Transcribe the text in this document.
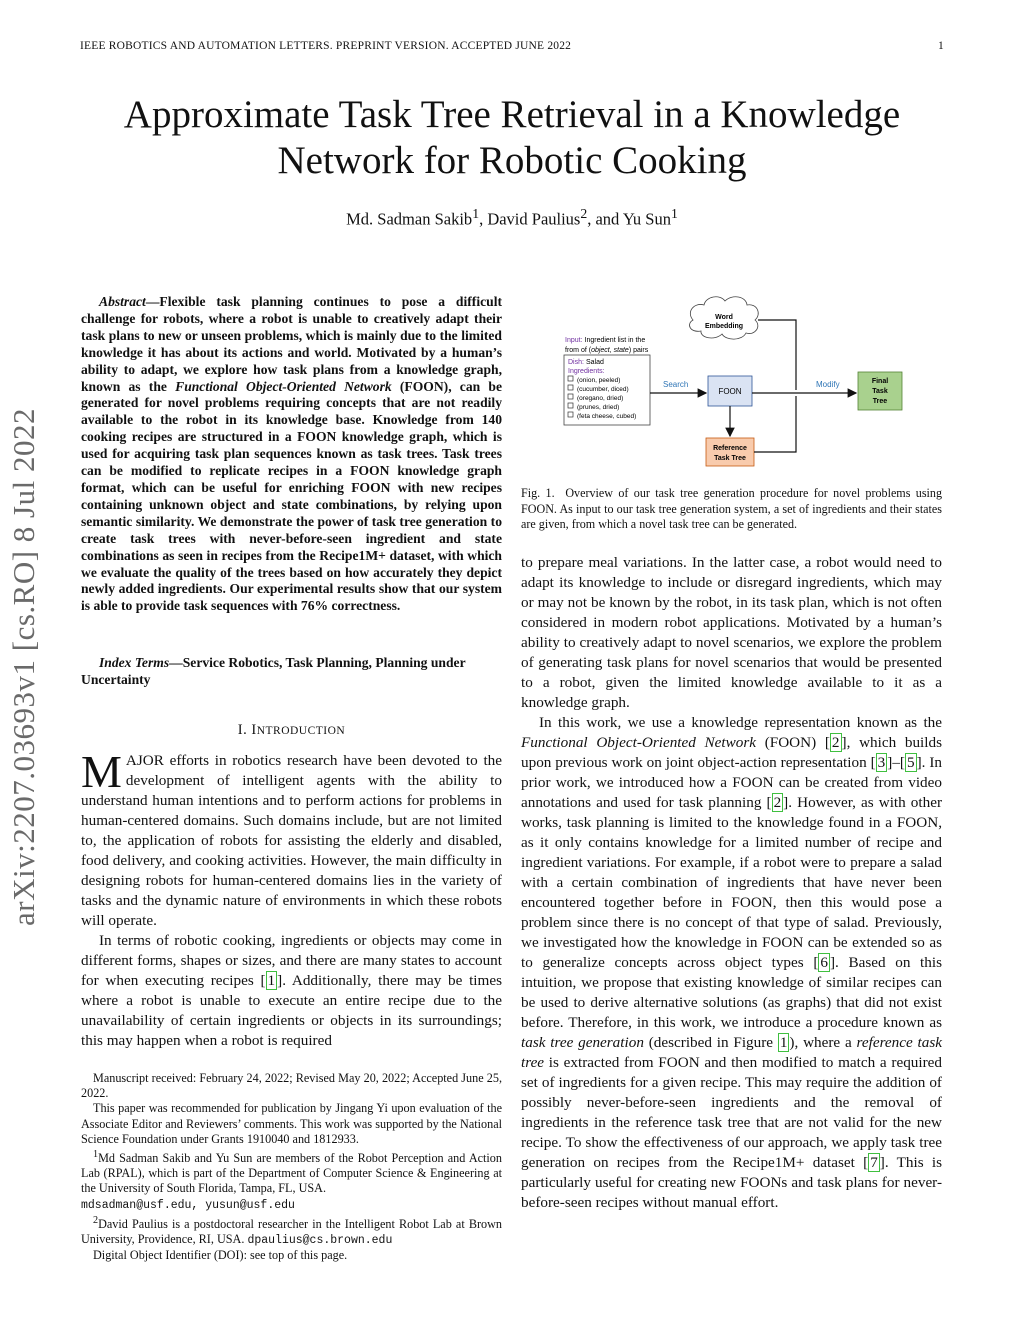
IEEE ROBOTICS AND AUTOMATION LETTERS. PREPRINT VERSION. ACCEPTED JUNE 2022	1
Approximate Task Tree Retrieval in a Knowledge
Network for Robotic Cooking
Md. Sadman Sakib$^1$, David Paulius$^2$, and Yu Sun$^1$
arXiv:2207.03693v1 [cs.RO] 8 Jul 2022
Abstract—Flexible task planning continues to pose a difficult challenge for robots, where a robot is unable to creatively adapt their task plans to new or unseen problems, which is mainly due to the limited knowledge it has about its actions and world. Motivated by a human’s ability to adapt, we explore how task plans from a knowledge graph, known as the Functional Object-Oriented Network (FOON), can be generated for novel problems requiring concepts that are not readily available to the robot in its knowledge base. Knowledge from 140 cooking recipes are structured in a FOON knowledge graph, which is used for acquiring task plan sequences known as task trees. Task trees can be modified to replicate recipes in a FOON knowledge graph format, which can be useful for enriching FOON with new recipes containing unknown object and state combinations, by relying upon semantic similarity. We demonstrate the power of task tree generation to create task trees with never-before-seen ingredient and state combinations as seen in recipes from the Recipe1M+ dataset, with which we evaluate the quality of the trees based on how accurately they depict newly added ingredients. Our experimental results show that our system is able to provide task sequences with 76% correctness.
Index Terms—Service Robotics, Task Planning, Planning under Uncertainty
I. INTRODUCTION

MAJOR efforts in robotics research have been devoted to the development of intelligent agents with the ability to understand human intentions and to perform actions for problems in human-centered domains. Such domains include, but are not limited to, the application of robots for assisting the elderly and disabled, food delivery, and cooking activities. However, the main difficulty in designing robots for human-centered domains lies in the variety of tasks and the dynamic nature of environments in which these robots will operate.

In terms of robotic cooking, ingredients or objects may come in different forms, shapes or sizes, and there are many states to account for when executing recipes [ 1 ]. Additionally, there may be times where a robot is unable to execute an entire recipe due to the unavailability of certain ingredients or objects in its surroundings; this may happen when a robot is required

Manuscript received: February 24, 2022; Revised May 20, 2022; Accepted June 25, 2022.

This paper was recommended for publication by Jingang Yi upon evaluation of the Associate Editor and Reviewers’ comments. This work was supported by the National Science Foundation under Grants 1910040 and 1812933.

$^1$Md Sadman Sakib and Yu Sun are members of the Robot Perception and Action Lab (RPAL), which is part of the Department of Computer Science & Engineering at the University of South Florida, Tampa, FL, USA.
mdsadman@usf.edu, yusun@usf.edu

$^2$David Paulius is a postdoctoral researcher in the Intelligent Robot Lab at Brown University, Providence, RI, USA. dpaulius@cs.brown.edu

Digital Object Identifier (DOI): see top of this page.

Input: Ingredient list in the
from of (object, state) pairs
Dish: Salad
Ingredients:
(onion, peeled)
(cucumber, diced)
(oregano, dried)
(prunes, dried)
(feta cheese, cubed)
Search
FOON
Modify	Final
Task
Tree
Word
Embedding
Reference
Task Tree
Fig. 1. Overview of our task tree generation procedure for novel problems using FOON. As input to our task tree generation system, a set of ingredients and their states are given, from which a novel task tree can be generated.

to prepare meal variations. In the latter case, a robot would need to adapt its knowledge to include or disregard ingredients, which may or may not be known by the robot, in its task plan, which is not often considered in modern robot applications. Motivated by a human’s ability to creatively adapt to novel scenarios, we explore the problem of generating task plans for novel scenarios that would be presented to a robot, given the limited knowledge available to it as a knowledge graph.

In this work, we use a knowledge representation known as the Functional Object-Oriented Network (FOON) [ 2 ], which builds upon previous work on joint object-action representation [ 3 ]–[ 5 ]. In prior work, we introduced how a FOON can be created from video annotations and used for task planning [ 2 ]. However, as with other works, task planning is limited to the knowledge found in a FOON, as it only contains knowledge for a limited number of recipe and ingredient variations. For example, if a robot were to prepare a salad with a certain combination of ingredients that have never been encountered together before in FOON, then this would pose a problem since there is no concept of that type of salad. Previously, we investigated how the knowledge in FOON can be extended so as to generalize concepts across object types [ 6 ]. Based on this intuition, we propose that existing knowledge of similar recipes can be used to derive alternative solutions (as graphs) that did not exist before. Therefore, in this work, we introduce a procedure known as task tree generation (described in Figure 1 ), where a reference task tree is extracted from FOON and then modified to match a required set of ingredients for a given recipe. This may require the addition of possibly never-before-seen ingredients and the removal of ingredients in the reference task tree that are not valid for the new recipe. To show the effectiveness of our approach, we apply task tree generation on recipes from the Recipe1M+ dataset [ 7 ]. This is particularly useful for creating new FOONs and task plans for never-before-seen recipes without manual effort.
